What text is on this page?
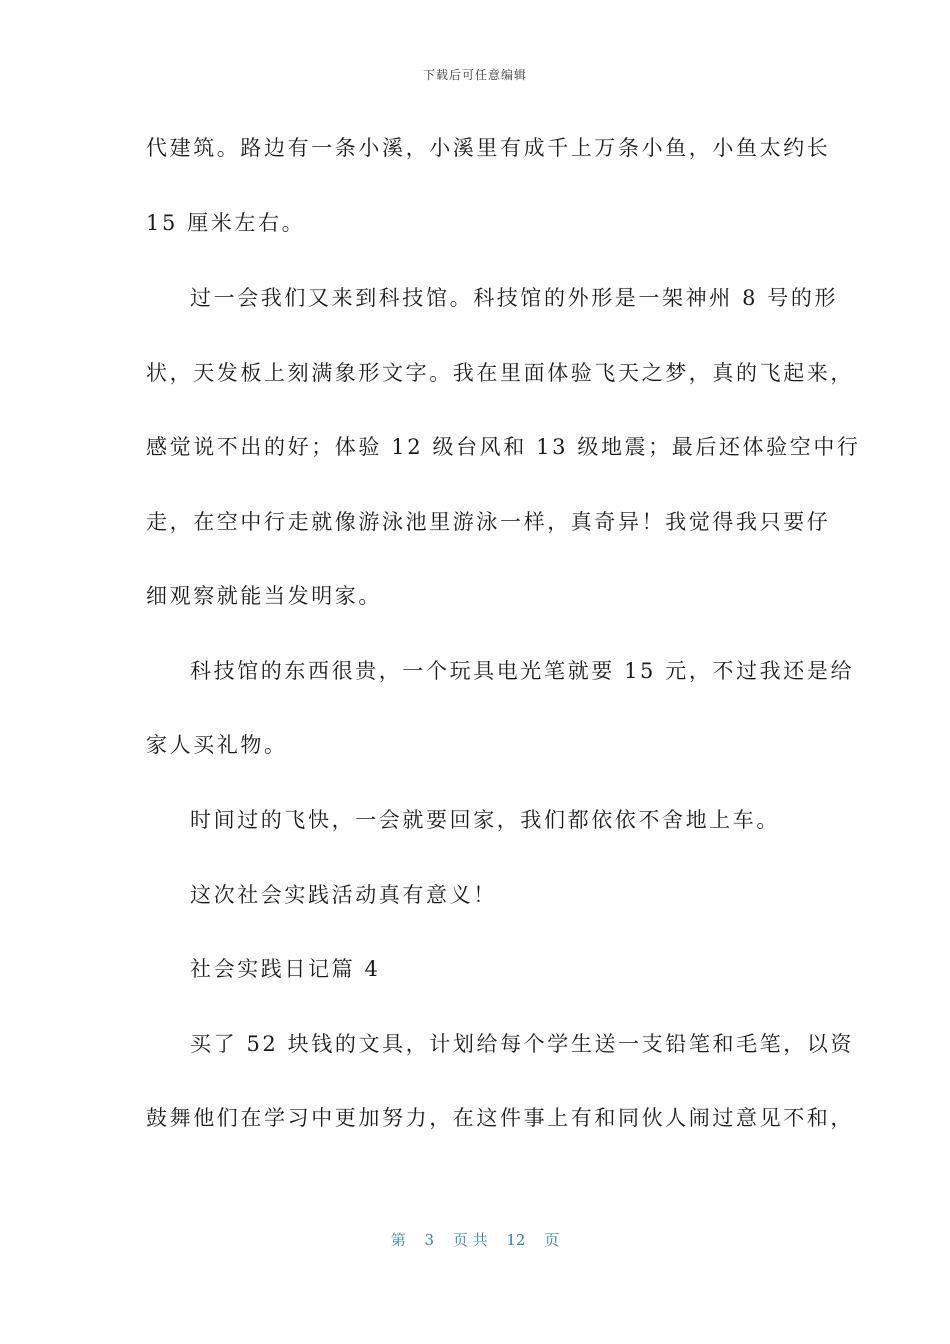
下载后可任意编辑
代建筑。路边有一条小溪，小溪里有成千上万条小鱼，小鱼太约长
15 厘米左右。
过一会我们又来到科技馆。科技馆的外形是一架神州 8 号的形
状，天发板上刻满象形文字。我在里面体验飞天之梦，真的飞起来，
感觉说不出的好；体验 12 级台风和 13 级地震；最后还体验空中行
走，在空中行走就像游泳池里游泳一样，真奇异！我觉得我只要仔
细观察就能当发明家。
科技馆的东西很贵，一个玩具电光笔就要 15 元，不过我还是给
家人买礼物。
时间过的飞快，一会就要回家，我们都依依不舍地上车。
这次社会实践活动真有意义！
社会实践日记篇 4
买了 52 块钱的文具，计划给每个学生送一支铅笔和毛笔，以资
鼓舞他们在学习中更加努力，在这件事上有和同伙人闹过意见不和，
第 3 页 共 12 页
